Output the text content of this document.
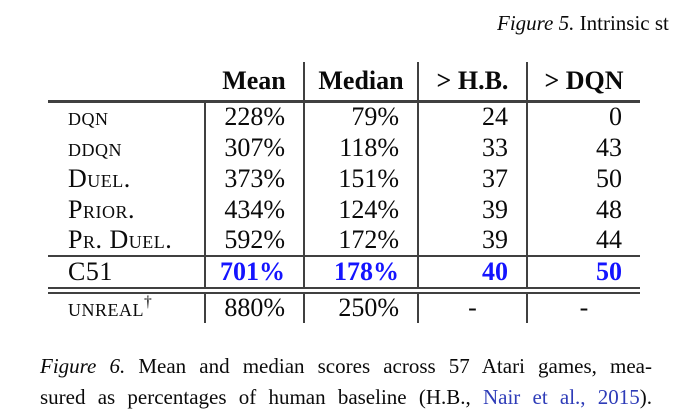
Figure 5. Intrinsic st
	Mean	Median	> H.B.	> DQN
dqn	228%	79%	24	0
ddqn	307%	118%	33	43
Duel.	373%	151%	37	50
Prior.	434%	124%	39	48
Pr. Duel.	592%	172%	39	44
C51	701%	178%	40	50
unreal†	880%	250%	-	-
Figure 6. Mean and median scores across 57 Atari games, mea-
sured as percentages of human baseline (H.B., Nair et al., 2015).
